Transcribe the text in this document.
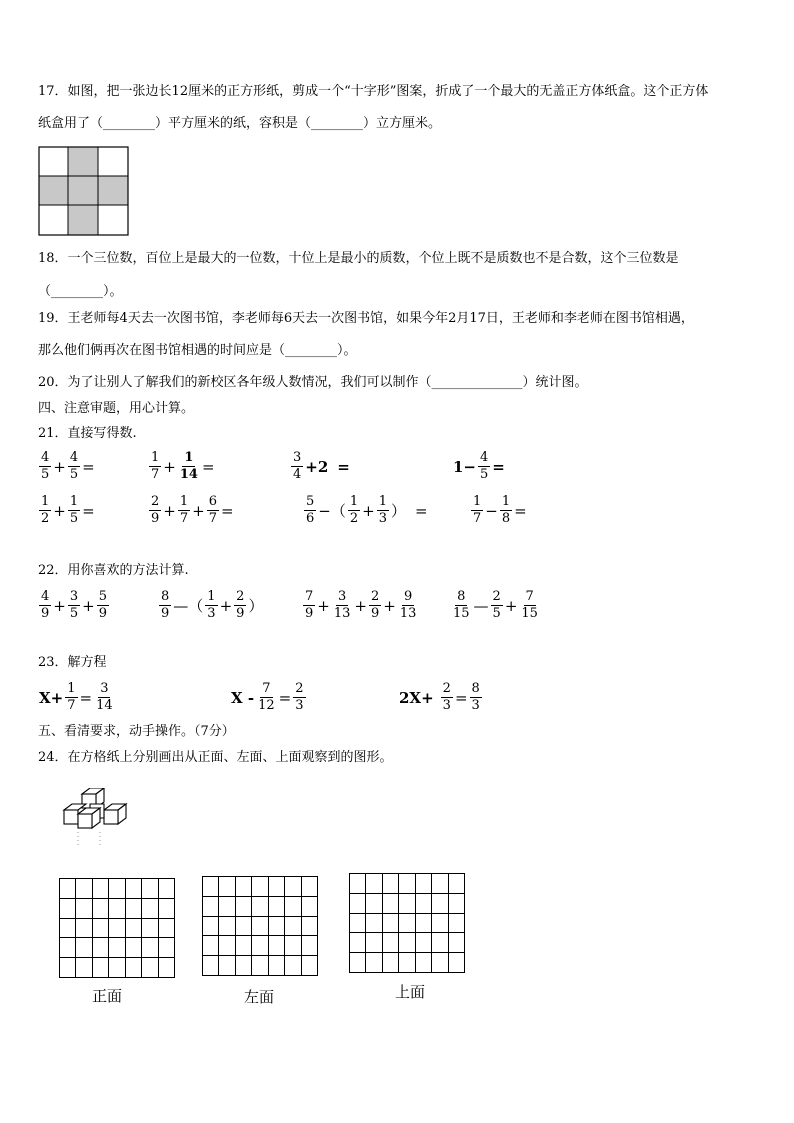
17．如图，把一张边长12厘米的正方形纸，剪成一个“十字形”图案，折成了一个最大的无盖正方体纸盒。这个正方体
纸盒用了（________）平方厘米的纸，容积是（________）立方厘米。
18．一个三位数，百位上是最大的一位数，十位上是最小的质数，个位上既不是质数也不是合数，这个三位数是
（________）。
19．王老师每4天去一次图书馆，李老师每6天去一次图书馆，如果今年2月17日，王老师和李老师在图书馆相遇，
那么他们俩再次在图书馆相遇的时间应是（________）。
20．为了让别人了解我们的新校区各年级人数情况，我们可以制作（______________）统计图。
四、注意审题，用心计算。
21．直接写得数.
$\frac{4}{5} + \frac{4}{5}$ =	$\frac{1}{7} + \frac{1}{14}$ =	$\frac{3}{4} +2$ =	$1- \frac{4}{5}$ =
$\frac{1}{2} + \frac{1}{5}$ =	$\frac{2}{9} + \frac{1}{7} + \frac{6}{7}$ =	$\frac{5}{6}$ −（ $\frac{1}{2} + \frac{1}{3}$ ） =	$\frac{1}{7} - \frac{1}{8}$ =
22．用你喜欢的方法计算.
$\frac{4}{9} + \frac{3}{5} + \frac{5}{9}$	$\frac{8}{9}$ —（ $\frac{1}{3} + \frac{2}{9}$ ）	$\frac{7}{9} + \frac{3}{13} + \frac{2}{9} + \frac{9}{13}$	$\frac{8}{15}$ — $\frac{2}{5} + \frac{7}{15}$
23．解方程
$X+ \frac{1}{7} = \frac{3}{14}$	$X - \frac{7}{12} = \frac{2}{3}$	$2X+ \frac{2}{3} = \frac{8}{3}$
五、看清要求，动手操作。（7分）
24．在方格纸上分别画出从正面、左面、上面观察到的图形。

正面	左面	上面
